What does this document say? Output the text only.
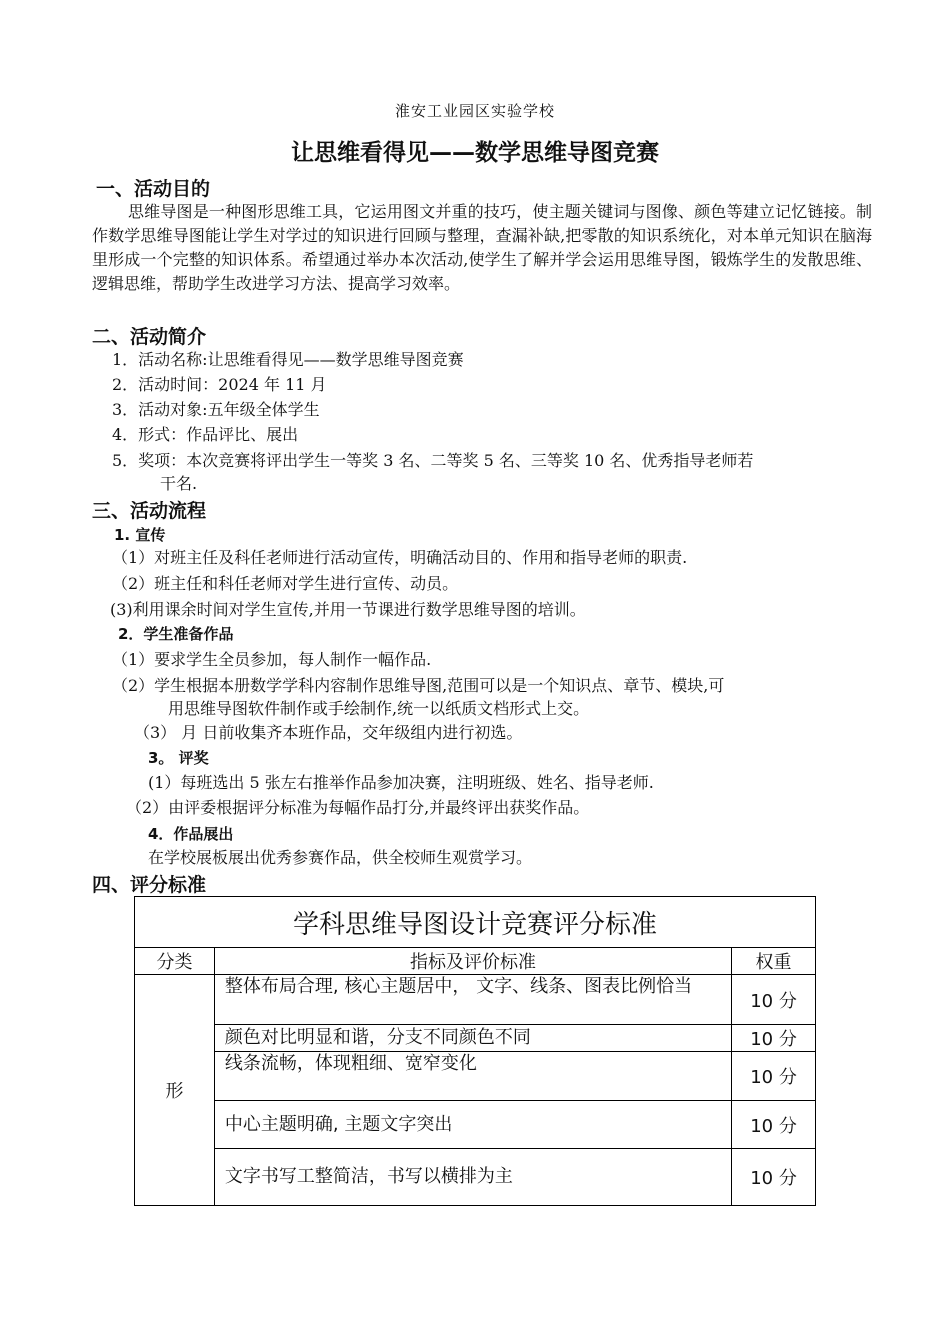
淮安工业园区实验学校
让思维看得见——数学思维导图竞赛
一、活动目的
思维导图是一种图形思维工具，它运用图文并重的技巧，使主题关键词与图像、颜色等建立记忆链接。制作数学思维导图能让学生对学过的知识进行回顾与整理，查漏补缺,把零散的知识系统化，对本单元知识在脑海里形成一个完整的知识体系。希望通过举办本次活动,使学生了解并学会运用思维导图，锻炼学生的发散思维、逻辑思维，帮助学生改进学习方法、提高学习效率。
二、活动简介
1．活动名称:让思维看得见——数学思维导图竞赛
2．活动时间：2024 年 11 月
3．活动对象:五年级全体学生
4．形式：作品评比、展出
5．奖项：本次竞赛将评出学生一等奖 3 名、二等奖 5 名、三等奖 10 名、优秀指导老师若
干名.
三、活动流程
1. 宣传
（1）对班主任及科任老师进行活动宣传，明确活动目的、作用和指导老师的职责.
（2）班主任和科任老师对学生进行宣传、动员。
(3)利用课余时间对学生宣传,并用一节课进行数学思维导图的培训。
2．学生准备作品
（1）要求学生全员参加，每人制作一幅作品.
（2）学生根据本册数学学科内容制作思维导图,范围可以是一个知识点、章节、模块,可
用思维导图软件制作或手绘制作,统一以纸质文档形式上交。
（3） 月 日前收集齐本班作品，交年级组内进行初选。
3。 评奖
(1）每班选出 5 张左右推举作品参加决赛，注明班级、姓名、指导老师.
（2）由评委根据评分标准为每幅作品打分,并最终评出获奖作品。
4．作品展出
在学校展板展出优秀参赛作品，供全校师生观赏学习。
四、评分标准
学科思维导图设计竞赛评分标准		
分类	指标及评价标准	权重
形	整体布局合理, 核心主题居中， 文字、线条、图表比例恰当	10 分
	颜色对比明显和谐，分支不同颜色不同	10 分
	线条流畅，体现粗细、宽窄变化	10 分
	中心主题明确, 主题文字突出	10 分
	文字书写工整简洁，书写以横排为主	10 分
